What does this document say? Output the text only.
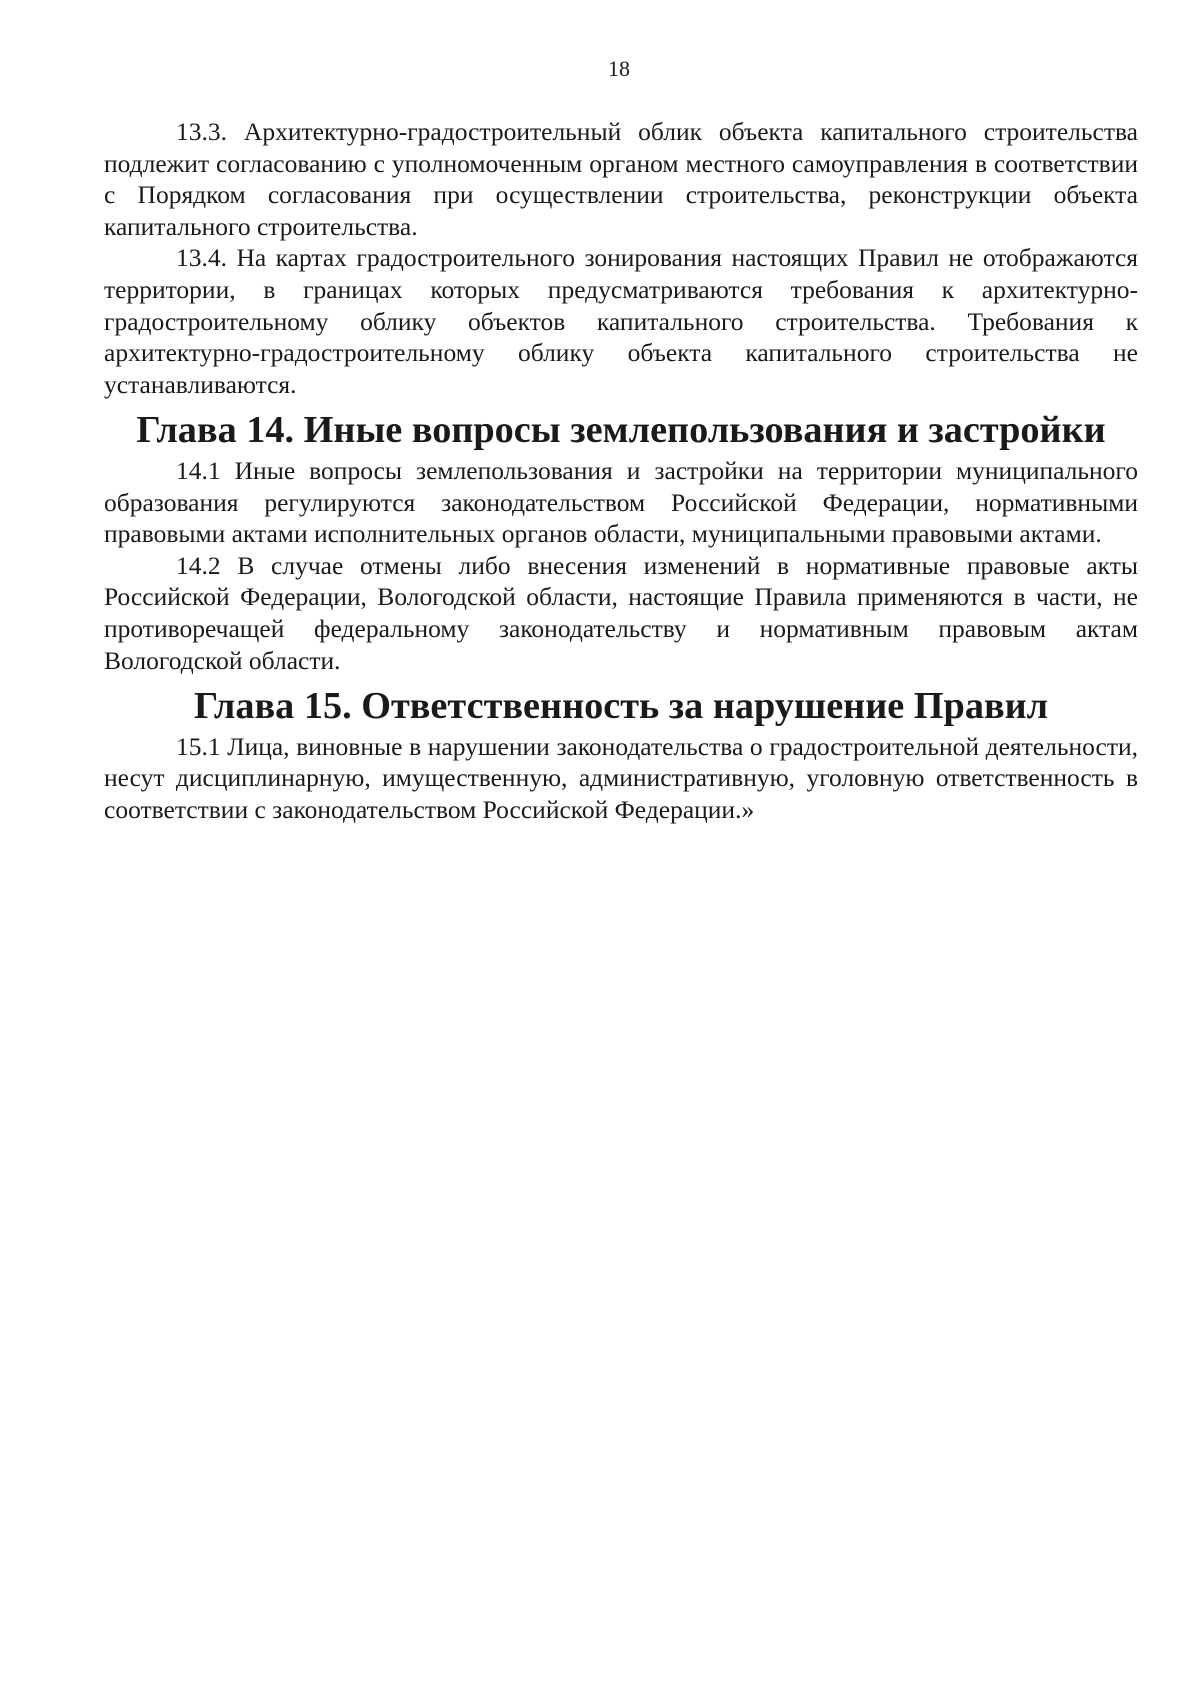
18

13.3. Архитектурно-градостроительный облик объекта капитального строительства подлежит согласованию с уполномоченным органом местного самоуправления в соответствии с Порядком согласования при осуществлении строительства, реконструкции объекта капитального строительства.

13.4. На картах градостроительного зонирования настоящих Правил не отображаются территории, в границах которых предусматриваются требования к архитектурно-градостроительному облику объектов капитального строительства. Требования к архитектурно-градостроительному облику объекта капитального строительства не устанавливаются.

Глава 14. Иные вопросы землепользования и застройки

14.1 Иные вопросы землепользования и застройки на территории муниципального образования регулируются законодательством Российской Федерации, нормативными правовыми актами исполнительных органов области, муниципальными правовыми актами.

14.2 В случае отмены либо внесения изменений в нормативные правовые акты Российской Федерации, Вологодской области, настоящие Правила применяются в части, не противоречащей федеральному законодательству и нормативным правовым актам Вологодской области.

Глава 15. Ответственность за нарушение Правил

15.1 Лица, виновные в нарушении законодательства о градостроительной деятельности, несут дисциплинарную, имущественную, административную, уголовную ответственность в соответствии с законодательством Российской Федерации.»
